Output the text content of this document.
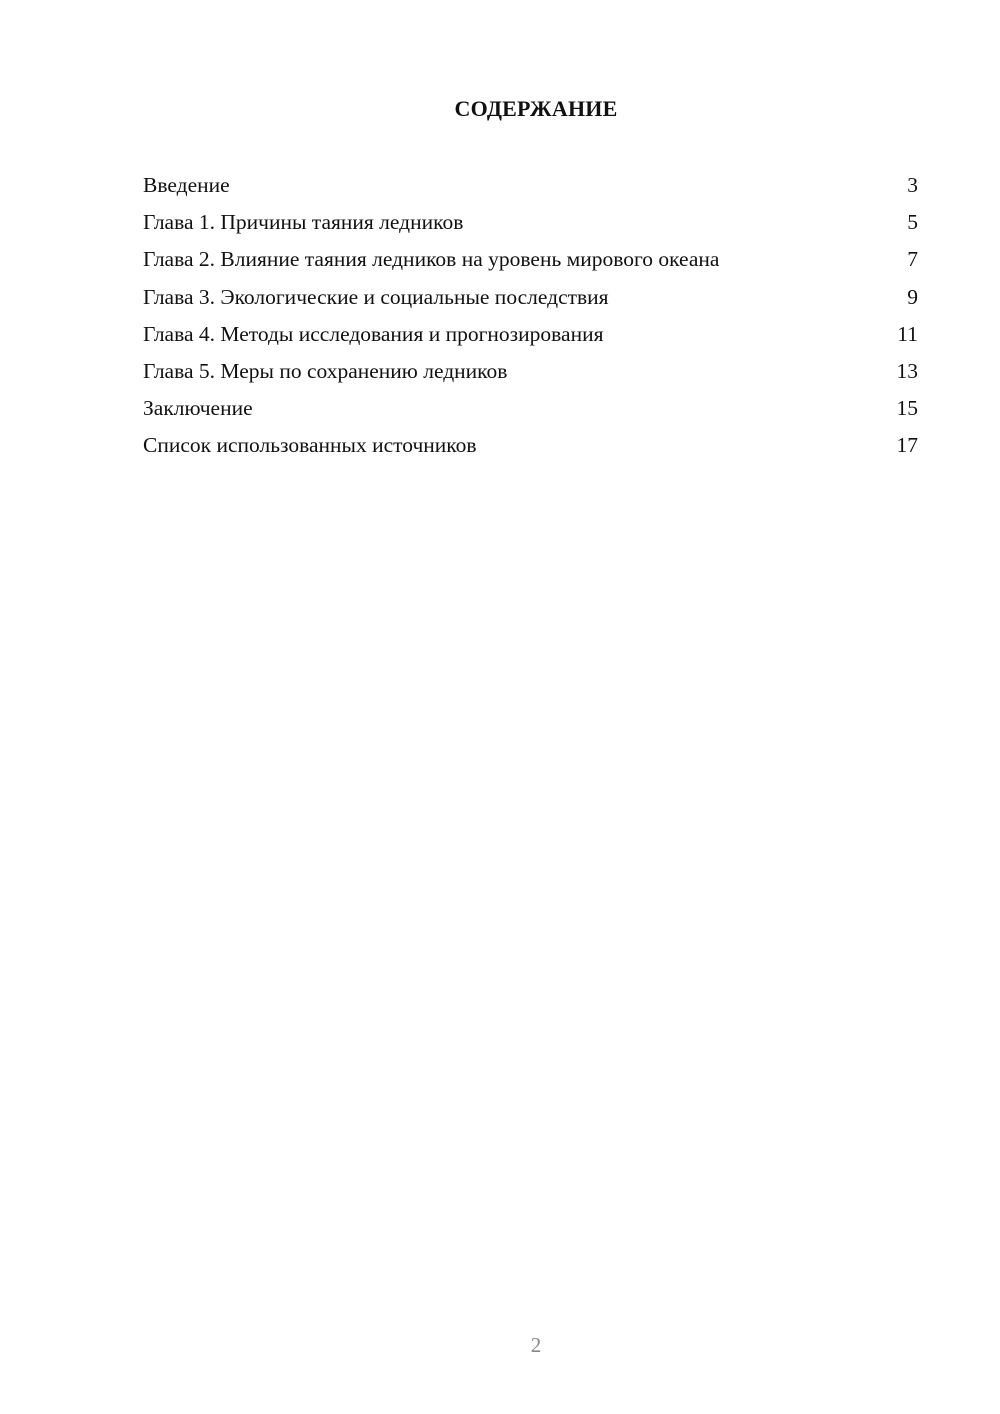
СОДЕРЖАНИЕ
Введение	3
Глава 1. Причины таяния ледников	5
Глава 2. Влияние таяния ледников на уровень мирового океана	7
Глава 3. Экологические и социальные последствия	9
Глава 4. Методы исследования и прогнозирования	11
Глава 5. Меры по сохранению ледников	13
Заключение	15
Список использованных источников	17
2
